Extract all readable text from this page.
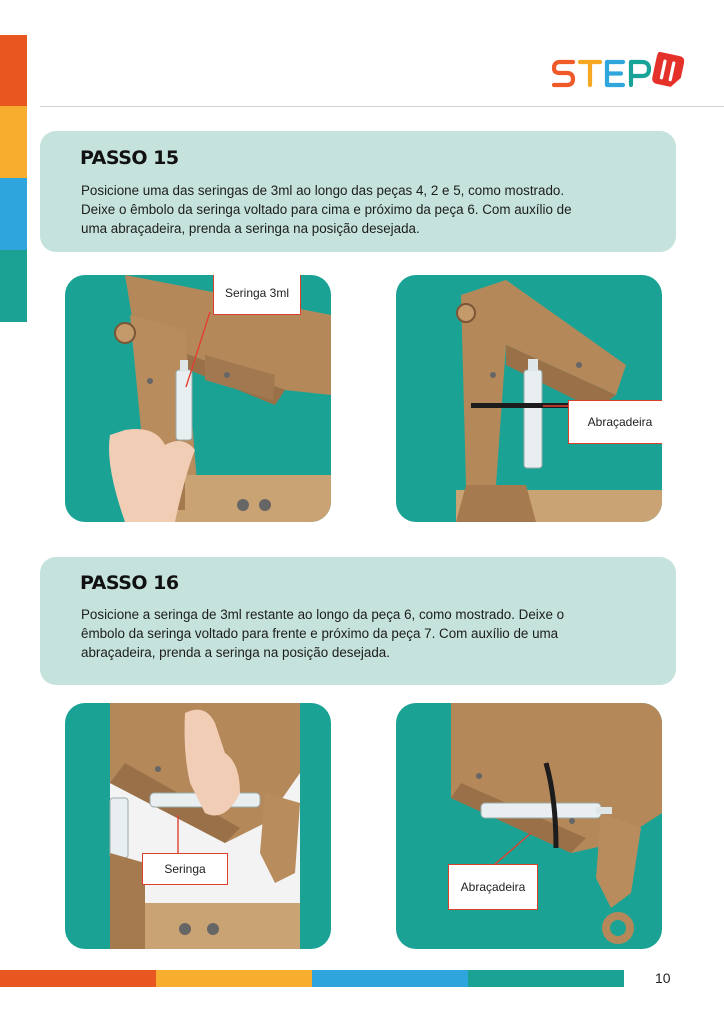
PASSO 15
Posicione uma das seringas de 3ml ao longo das peças 4, 2 e 5, como mostrado.
Deixe o êmbolo da seringa voltado para cima e próximo da peça 6. Com auxílio de
uma abraçadeira, prenda a seringa na posição desejada.
Seringa 3ml
Abraçadeira
PASSO 16
Posicione a seringa de 3ml restante ao longo da peça 6, como mostrado. Deixe o
êmbolo da seringa voltado para frente e próximo da peça 7. Com auxílio de uma
abraçadeira, prenda a seringa na posição desejada.
Seringa
Abraçadeira
10
